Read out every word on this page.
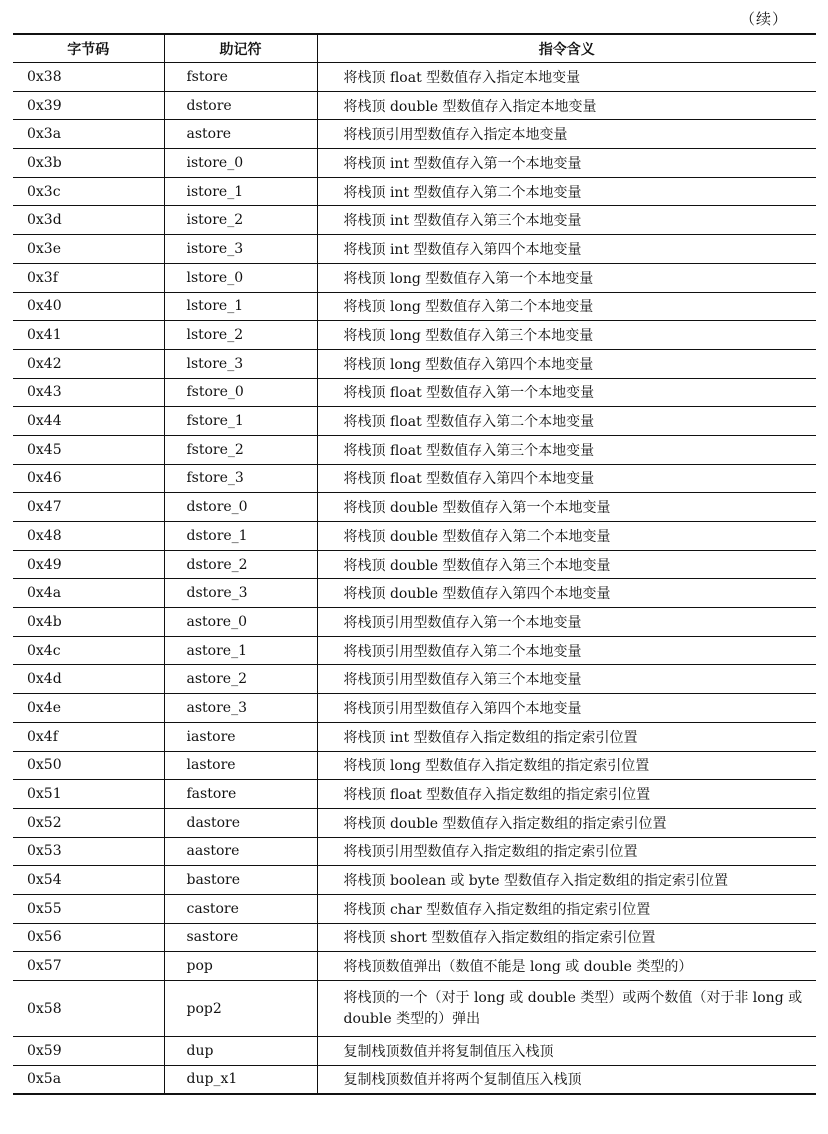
（续）
字节码	助记符	指令含义
0x38	fstore	将栈顶 float 型数值存入指定本地变量
0x39	dstore	将栈顶 double 型数值存入指定本地变量
0x3a	astore	将栈顶引用型数值存入指定本地变量
0x3b	istore_0	将栈顶 int 型数值存入第一个本地变量
0x3c	istore_1	将栈顶 int 型数值存入第二个本地变量
0x3d	istore_2	将栈顶 int 型数值存入第三个本地变量
0x3e	istore_3	将栈顶 int 型数值存入第四个本地变量
0x3f	lstore_0	将栈顶 long 型数值存入第一个本地变量
0x40	lstore_1	将栈顶 long 型数值存入第二个本地变量
0x41	lstore_2	将栈顶 long 型数值存入第三个本地变量
0x42	lstore_3	将栈顶 long 型数值存入第四个本地变量
0x43	fstore_0	将栈顶 float 型数值存入第一个本地变量
0x44	fstore_1	将栈顶 float 型数值存入第二个本地变量
0x45	fstore_2	将栈顶 float 型数值存入第三个本地变量
0x46	fstore_3	将栈顶 float 型数值存入第四个本地变量
0x47	dstore_0	将栈顶 double 型数值存入第一个本地变量
0x48	dstore_1	将栈顶 double 型数值存入第二个本地变量
0x49	dstore_2	将栈顶 double 型数值存入第三个本地变量
0x4a	dstore_3	将栈顶 double 型数值存入第四个本地变量
0x4b	astore_0	将栈顶引用型数值存入第一个本地变量
0x4c	astore_1	将栈顶引用型数值存入第二个本地变量
0x4d	astore_2	将栈顶引用型数值存入第三个本地变量
0x4e	astore_3	将栈顶引用型数值存入第四个本地变量
0x4f	iastore	将栈顶 int 型数值存入指定数组的指定索引位置
0x50	lastore	将栈顶 long 型数值存入指定数组的指定索引位置
0x51	fastore	将栈顶 float 型数值存入指定数组的指定索引位置
0x52	dastore	将栈顶 double 型数值存入指定数组的指定索引位置
0x53	aastore	将栈顶引用型数值存入指定数组的指定索引位置
0x54	bastore	将栈顶 boolean 或 byte 型数值存入指定数组的指定索引位置
0x55	castore	将栈顶 char 型数值存入指定数组的指定索引位置
0x56	sastore	将栈顶 short 型数值存入指定数组的指定索引位置
0x57	pop	将栈顶数值弹出（数值不能是 long 或 double 类型的）
0x58	pop2	将栈顶的一个（对于 long 或 double 类型）或两个数值（对于非 long 或 double 类型的）弹出
0x59	dup	复制栈顶数值并将复制值压入栈顶
0x5a	dup_x1	复制栈顶数值并将两个复制值压入栈顶
